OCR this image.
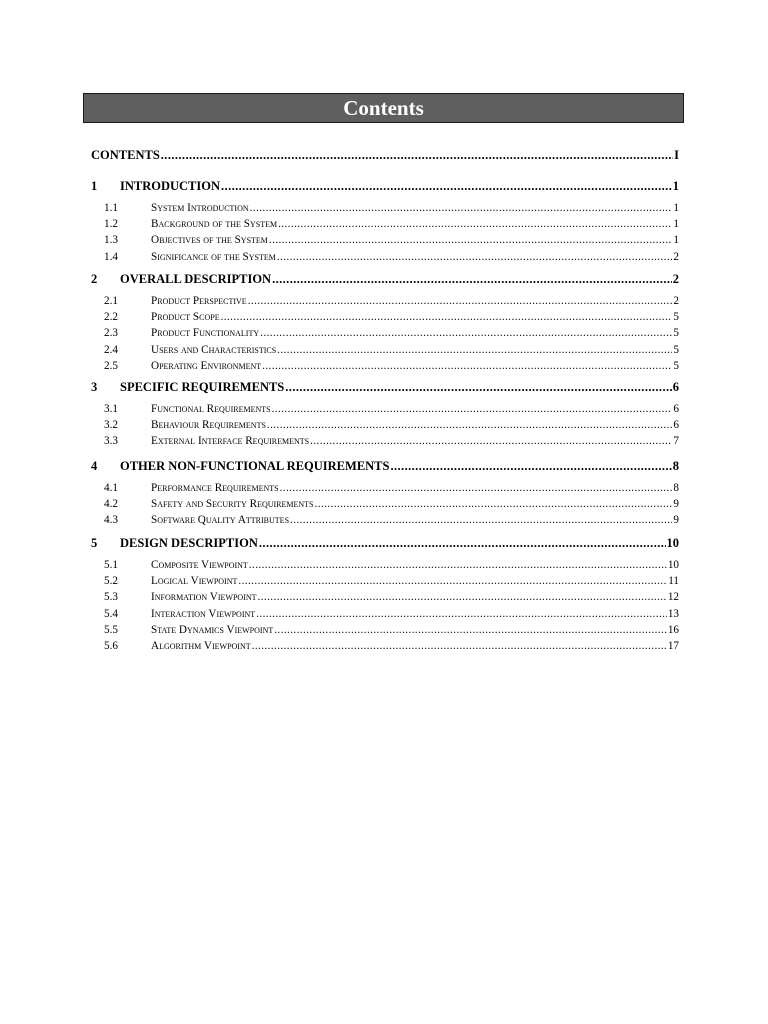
Contents
CONTENTS .....	I
1	INTRODUCTION .....	1
1.1	System Introduction .....	1
1.2	Background of the System .....	1
1.3	Objectives of the System .....	1
1.4	Significance of the System .....	2
2	OVERALL DESCRIPTION .....	2
2.1	Product Perspective .....	2
2.2	Product Scope .....	5
2.3	Product Functionality .....	5
2.4	Users and Characteristics .....	5
2.5	Operating Environment .....	5
3	SPECIFIC REQUIREMENTS .....	6
3.1	Functional Requirements .....	6
3.2	Behaviour Requirements .....	6
3.3	External Interface Requirements .....	7
4	OTHER NON-FUNCTIONAL REQUIREMENTS .....	8
4.1	Performance Requirements .....	8
4.2	Safety and Security Requirements .....	9
4.3	Software Quality Attributes .....	9
5	DESIGN DESCRIPTION .....	10
5.1	Composite Viewpoint .....	10
5.2	Logical Viewpoint .....	11
5.3	Information Viewpoint .....	12
5.4	Interaction Viewpoint .....	13
5.5	State Dynamics Viewpoint .....	16
5.6	Algorithm Viewpoint .....	17
